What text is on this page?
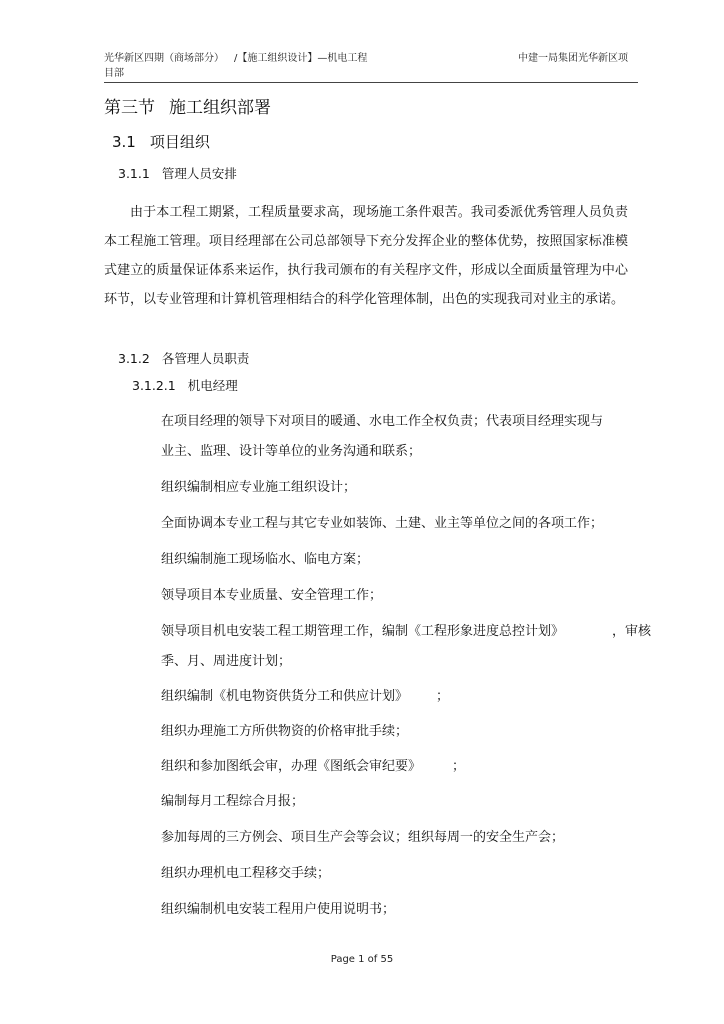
光华新区四期（商场部分）
目部
/【施工组织设计】—机电工程	中建一局集团光华新区项
第三节 施工组织部署
3.1 项目组织
3.1.1 管理人员安排
由于本工程工期紧，工程质量要求高，现场施工条件艰苦。我司委派优秀管理人员负责本工程施工管理。项目经理部在公司总部领导下充分发挥企业的整体优势，按照国家标准模式建立的质量保证体系来运作，执行我司颁布的有关程序文件，形成以全面质量管理为中心环节，以专业管理和计算机管理相结合的科学化管理体制，出色的实现我司对业主的承诺。
3.1.2 各管理人员职责
3.1.2.1 机电经理
在项目经理的领导下对项目的暖通、水电工作全权负责；代表项目经理实现与
业主、监理、设计等单位的业务沟通和联系；
组织编制相应专业施工组织设计；
全面协调本专业工程与其它专业如装饰、土建、业主等单位之间的各项工作；
组织编制施工现场临水、临电方案；
领导项目本专业质量、安全管理工作；
领导项目机电安装工程工期管理工作，编制《工程形象进度总控计划》	，审核
季、月、周进度计划；
组织编制《机电物资供货分工和供应计划》	；
组织办理施工方所供物资的价格审批手续；
组织和参加图纸会审，办理《图纸会审纪要》	；
编制每月工程综合月报；
参加每周的三方例会、项目生产会等会议；组织每周一的安全生产会；
组织办理机电工程移交手续；
组织编制机电安装工程用户使用说明书；
Page 1 of 55
